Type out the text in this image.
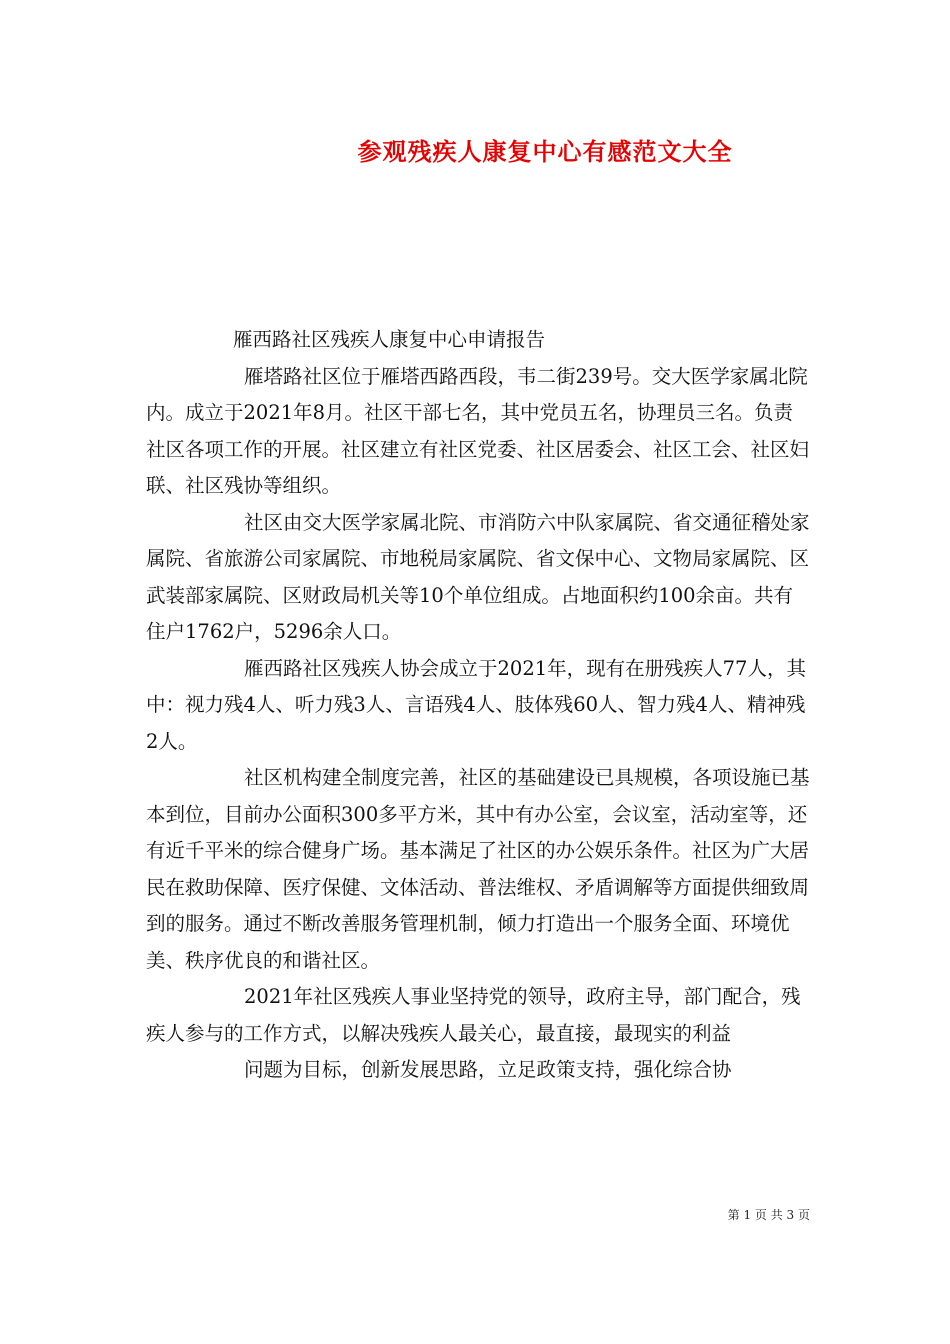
参观残疾人康复中心有感范文大全

雁西路社区残疾人康复中心申请报告

雁塔路社区位于雁塔西路西段，韦二街239号。交大医学家属北院内。成立于2021年8月。社区干部七名，其中党员五名，协理员三名。负责社区各项工作的开展。社区建立有社区党委、社区居委会、社区工会、社区妇联、社区残协等组织。

社区由交大医学家属北院、市消防六中队家属院、省交通征稽处家属院、省旅游公司家属院、市地税局家属院、省文保中心、文物局家属院、区武装部家属院、区财政局机关等10个单位组成。占地面积约100余亩。共有住户1762户，5296余人口。

雁西路社区残疾人协会成立于2021年，现有在册残疾人77人，其中：视力残4人、听力残3人、言语残4人、肢体残60人、智力残4人、精神残2人。

社区机构建全制度完善，社区的基础建设已具规模，各项设施已基本到位，目前办公面积300多平方米，其中有办公室，会议室，活动室等，还有近千平米的综合健身广场。基本满足了社区的办公娱乐条件。社区为广大居民在救助保障、医疗保健、文体活动、普法维权、矛盾调解等方面提供细致周到的服务。通过不断改善服务管理机制，倾力打造出一个服务全面、环境优美、秩序优良的和谐社区。

2021年社区残疾人事业坚持党的领导，政府主导，部门配合，残疾人参与的工作方式，以解决残疾人最关心，最直接，最现实的利益

问题为目标，创新发展思路，立足政策支持，强化综合协

第 1 页 共 3 页
